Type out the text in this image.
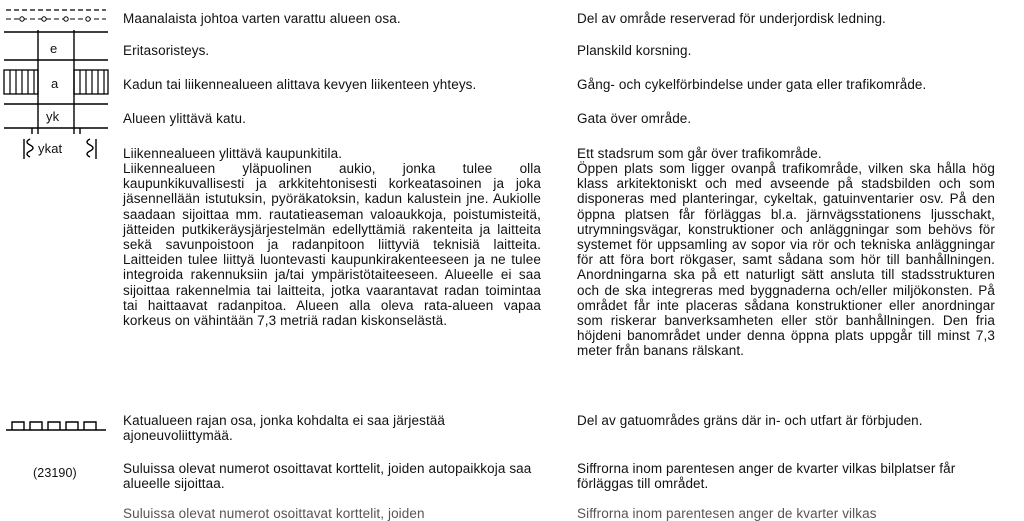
e
a
yk
ykat
(23190)
Maanalaista johtoa varten varattu alueen osa.
Eritasoristeys.
Kadun tai liikennealueen alittava kevyen liikenteen yhteys.
Alueen ylittävä katu.
Liikennealueen ylittävä kaupunkitila.
Liikennealueen yläpuolinen aukio, jonka tulee olla kaupunkikuvallisesti ja arkkitehtonisesti korkeatasoinen ja joka jäsennellään istutuksin, pyöräkatoksin, kadun kalustein jne. Aukiolle saadaan sijoittaa mm. rautatieaseman valoaukkoja, poistumisteitä, jätteiden putkikeräysjärjestelmän edellyttämiä rakenteita ja laitteita sekä savunpoistoon ja radanpitoon liittyviä teknisiä laitteita. Laitteiden tulee liittyä luontevasti kaupunkirakenteeseen ja ne tulee integroida rakennuksiin ja/tai ympäristötaiteeseen. Alueelle ei saa sijoittaa rakennelmia tai laitteita, jotka vaarantavat radan toimintaa tai haittaavat radanpitoa. Alueen alla oleva rata-alueen vapaa korkeus on vähintään 7,3 metriä radan kiskonselästä.
Katualueen rajan osa, jonka kohdalta ei saa järjestää ajoneuvoliittymää.
Suluissa olevat numerot osoittavat korttelit, joiden autopaikkoja saa alueelle sijoittaa.
Suluissa olevat numerot osoittavat korttelit, joiden
Del av område reserverad för underjordisk ledning.
Planskild korsning.
Gång- och cykelförbindelse under gata eller trafikområde.
Gata över område.
Ett stadsrum som går över trafikområde.
Öppen plats som ligger ovanpå trafikområde, vilken ska hålla hög klass arkitektoniskt och med avseende på stadsbilden och som disponeras med planteringar, cykeltak, gatuinventarier osv. På den öppna platsen får förläggas bl.a. järnvägsstationens ljusschakt, utrymningsvägar, konstruktioner och anläggningar som behövs för systemet för uppsamling av sopor via rör och tekniska anläggningar för att föra bort rökgaser, samt sådana som hör till banhållningen. Anordningarna ska på ett naturligt sätt ansluta till stadsstrukturen och de ska integreras med byggnaderna och/eller miljökonsten. På området får inte placeras sådana konstruktioner eller anordningar som riskerar banverksamheten eller stör banhållningen. Den fria höjdeni banområdet under denna öppna plats uppgår till minst 7,3 meter från banans rälskant.
Del av gatuområdes gräns där in- och utfart är förbjuden.
Siffrorna inom parentesen anger de kvarter vilkas bilplatser får förläggas till området.
Siffrorna inom parentesen anger de kvarter vilkas
